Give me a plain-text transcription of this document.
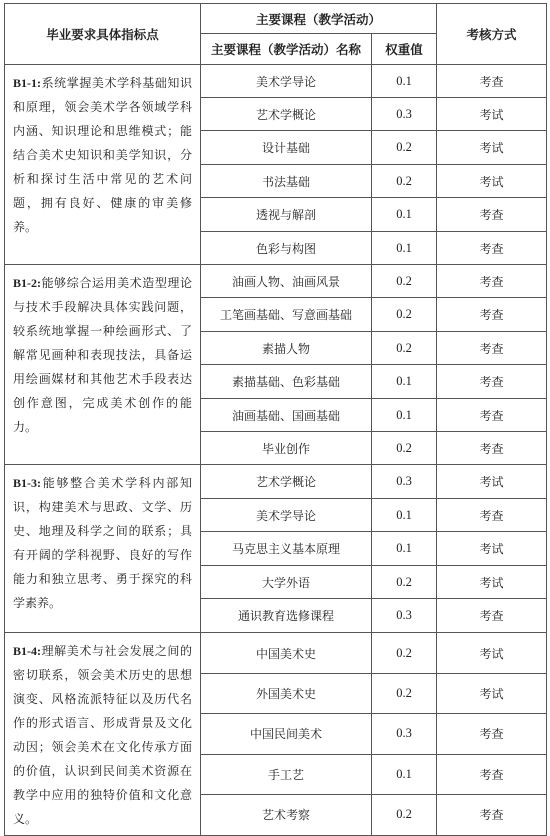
毕业要求具体指标点	主要课程（教学活动）		考核方式
	主要课程（教学活动）名称	权重值	
B1-1:系统掌握美术学科基础知识和原理，领会美术学各领域学科内涵、知识理论和思维模式；能结合美术史知识和美学知识，分析和探讨生活中常见的艺术问题，拥有良好、健康的审美修养。	美术学导论	0.1	考查
	艺术学概论	0.3	考试
	设计基础	0.2	考试
	书法基础	0.2	考试
	透视与解剖	0.1	考查
	色彩与构图	0.1	考查
B1-2:能够综合运用美术造型理论与技术手段解决具体实践问题，较系统地掌握一种绘画形式、了解常见画种和表现技法，具备运用绘画媒材和其他艺术手段表达创作意图，完成美术创作的能力。	油画人物、油画风景	0.2	考查
	工笔画基础、写意画基础	0.2	考查
	素描人物	0.2	考查
	素描基础、色彩基础	0.1	考查
	油画基础、国画基础	0.1	考查
	毕业创作	0.2	考查
B1-3:能够整合美术学科内部知识，构建美术与思政、文学、历史、地理及科学之间的联系；具有开阔的学科视野、良好的写作能力和独立思考、勇于探究的科学素养。	艺术学概论	0.3	考试
	美术学导论	0.1	考查
	马克思主义基本原理	0.1	考试
	大学外语	0.2	考试
	通识教育选修课程	0.3	考查
B1-4:理解美术与社会发展之间的密切联系，领会美术历史的思想演变、风格流派特征以及历代名作的形式语言、形成背景及文化动因；领会美术在文化传承方面的价值，认识到民间美术资源在教学中应用的独特价值和文化意义。	中国美术史	0.2	考试
	外国美术史	0.2	考试
	中国民间美术	0.3	考查
	手工艺	0.1	考查
	艺术考察	0.2	考查
